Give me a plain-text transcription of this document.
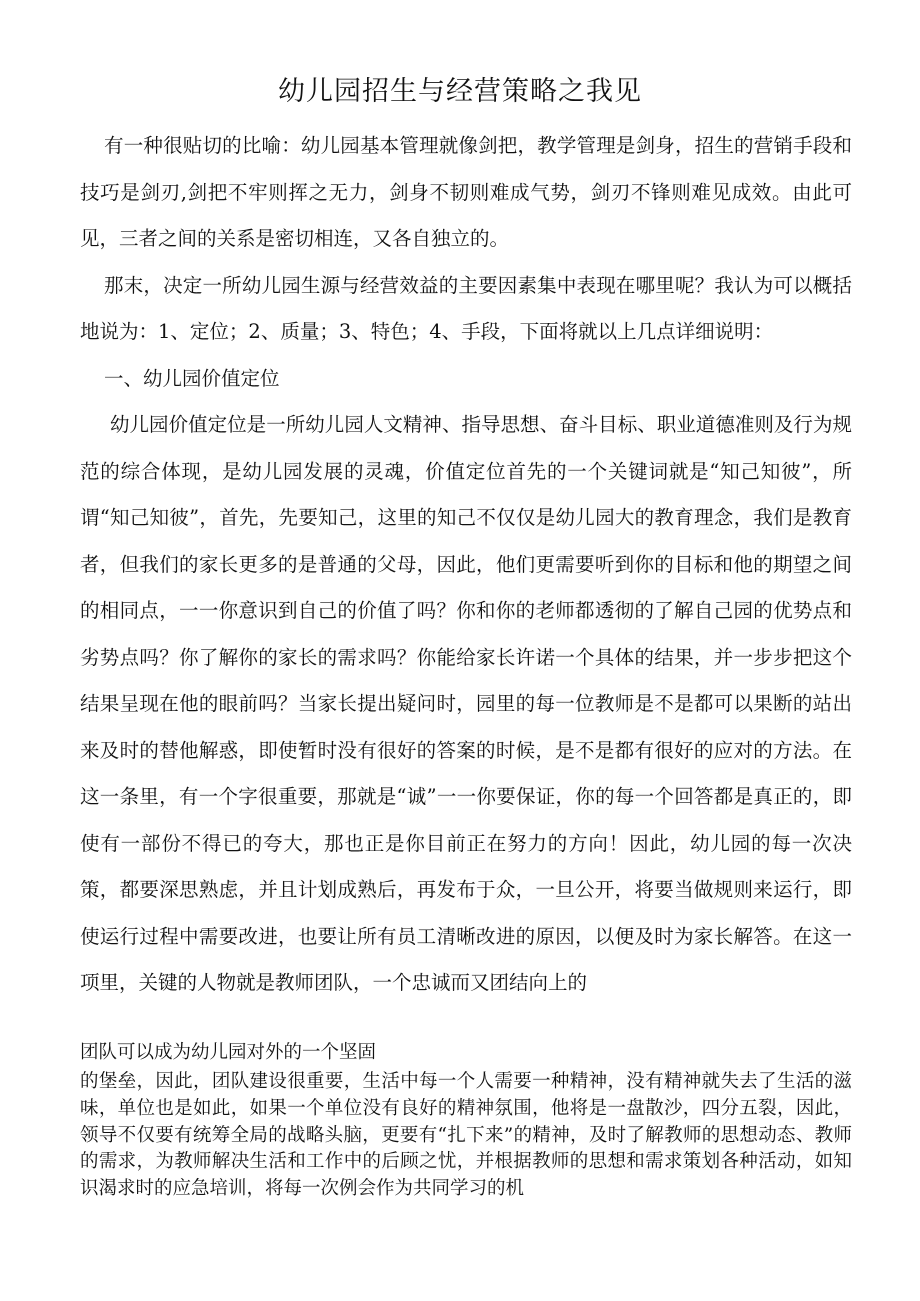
幼儿园招生与经营策略之我见

有一种很贴切的比喻：幼儿园基本管理就像剑把，教学管理是剑身，招生的营销手段和技巧是剑刃,剑把不牢则挥之无力，剑身不韧则难成气势，剑刃不锋则难见成效。由此可见，三者之间的关系是密切相连，又各自独立的。

那末，决定一所幼儿园生源与经营效益的主要因素集中表现在哪里呢？我认为可以概括地说为：1、定位；2、质量；3、特色；4、手段，下面将就以上几点详细说明：

一、幼儿园价值定位

幼儿园价值定位是一所幼儿园人文精神、指导思想、奋斗目标、职业道德准则及行为规范的综合体现，是幼儿园发展的灵魂，价值定位首先的一个关键词就是“知己知彼”，所谓“知己知彼”，首先，先要知己，这里的知己不仅仅是幼儿园大的教育理念，我们是教育者，但我们的家长更多的是普通的父母，因此，他们更需要听到你的目标和他的期望之间的相同点，一一你意识到自己的价值了吗？你和你的老师都透彻的了解自己园的优势点和劣势点吗？你了解你的家长的需求吗？你能给家长许诺一个具体的结果，并一步步把这个结果呈现在他的眼前吗？当家长提出疑问时，园里的每一位教师是不是都可以果断的站出来及时的替他解惑，即使暂时没有很好的答案的时候，是不是都有很好的应对的方法。在这一条里，有一个字很重要，那就是“诚”一一你要保证，你的每一个回答都是真正的，即使有一部份不得已的夸大，那也正是你目前正在努力的方向！因此，幼儿园的每一次决策，都要深思熟虑，并且计划成熟后，再发布于众，一旦公开，将要当做规则来运行，即使运行过程中需要改进，也要让所有员工清晰改进的原因，以便及时为家长解答。在这一项里，关键的人物就是教师团队，一个忠诚而又团结向上的

团队可以成为幼儿园对外的一个坚固

的堡垒，因此，团队建设很重要，生活中每一个人需要一种精神，没有精神就失去了生活的滋味，单位也是如此，如果一个单位没有良好的精神氛围，他将是一盘散沙，四分五裂，因此，领导不仅要有统筹全局的战略头脑，更要有“扎下来”的精神，及时了解教师的思想动态、教师的需求，为教师解决生活和工作中的后顾之忧，并根据教师的思想和需求策划各种活动，如知识渴求时的应急培训，将每一次例会作为共同学习的机
